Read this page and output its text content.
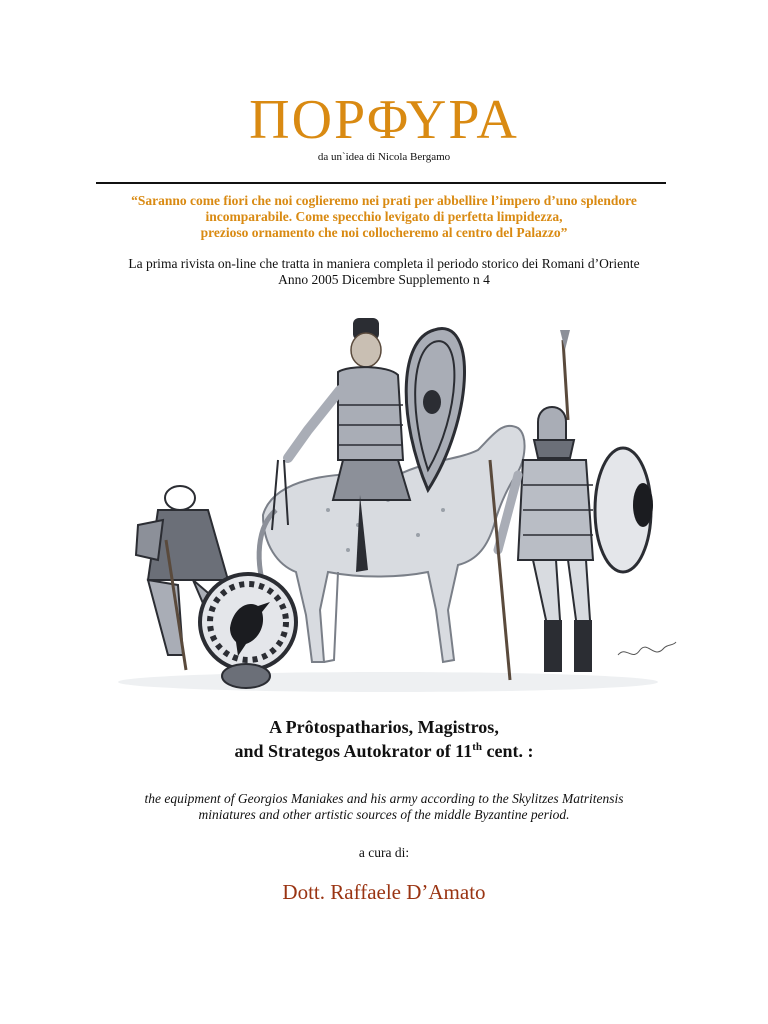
ΠΟΡΦΥΡΑ
da un`idea di Nicola Bergamo
“Saranno come fiori che noi coglieremo nei prati per abbellire l’impero d’uno splendore
incomparabile. Come specchio levigato di perfetta limpidezza,
prezioso ornamento che noi collocheremo al centro del Palazzo”
La prima rivista on-line che tratta in maniera completa il periodo storico dei Romani d’Oriente
Anno 2005 Dicembre Supplemento n 4
A Prôtospatharios, Magistros,
and Strategos Autokrator of 11th cent. :
the equipment of Georgios Maniakes and his army according to the Skylitzes Matritensis
miniatures and other artistic sources of the middle Byzantine period.
a cura di:
Dott. Raffaele D’Amato
